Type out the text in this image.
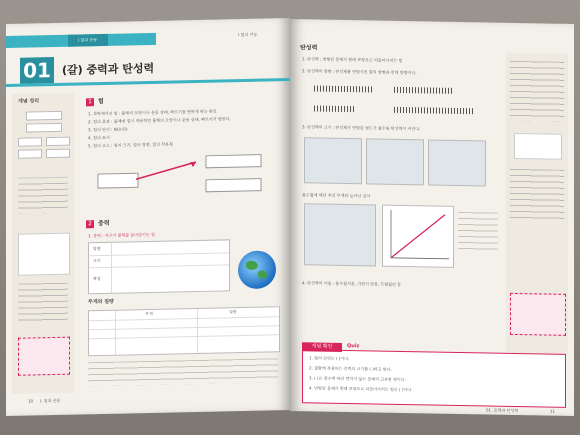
I 힘과 운동
I 힘의 기능
01 (갈) 중력과 탄성력
개념 정리	1	힘
1. 과학에서의 힘 : 물체의 모양이나 운동 상태, 빠르기를 변하게 하는 원인
2. 힘의 효과 : 물체에 힘이 작용하면 물체의 모양이나 운동 상태, 빠르기가 변한다.
3. 힘의 단위 : N(뉴턴)
4. 힘의 표시
5. 힘의 요소 : 힘의 크기, 힘의 방향, 힘의 작용점
2	중력
1. 중력 : 지구가 물체를 끌어당기는 힘
방향
크기
특징
무게와 질량
무게	질량
10 I. 힘과 운동
탄성력
1. 탄성력 : 변형된 물체가 원래 모양으로 되돌아가려는 힘
2. 탄성력의 방향 : 탄성체를 변형시킨 힘의 방향과 반대 방향이다.
3. 탄성력의 크기 : 탄성체가 변형된 정도가 클수록 탄성력이 커진다.
용수철에 매단 추의 무게와 늘어난 길이
4. 탄성력의 이용 : 용수철저울, 자전거 안장, 트램펄린 등
개념 확인	Quiz
1. 힘의 단위는 ( )이다.
2. 질량에 작용하는 중력의 크기를 ( )라고 한다.
3. ( )은 장소에 따라 변하지 않는 물체의 고유한 양이다.
4. 변형된 물체가 원래 모양으로 되돌아가려는 힘은 ( )이다.
01. 중력과 탄성력	11
